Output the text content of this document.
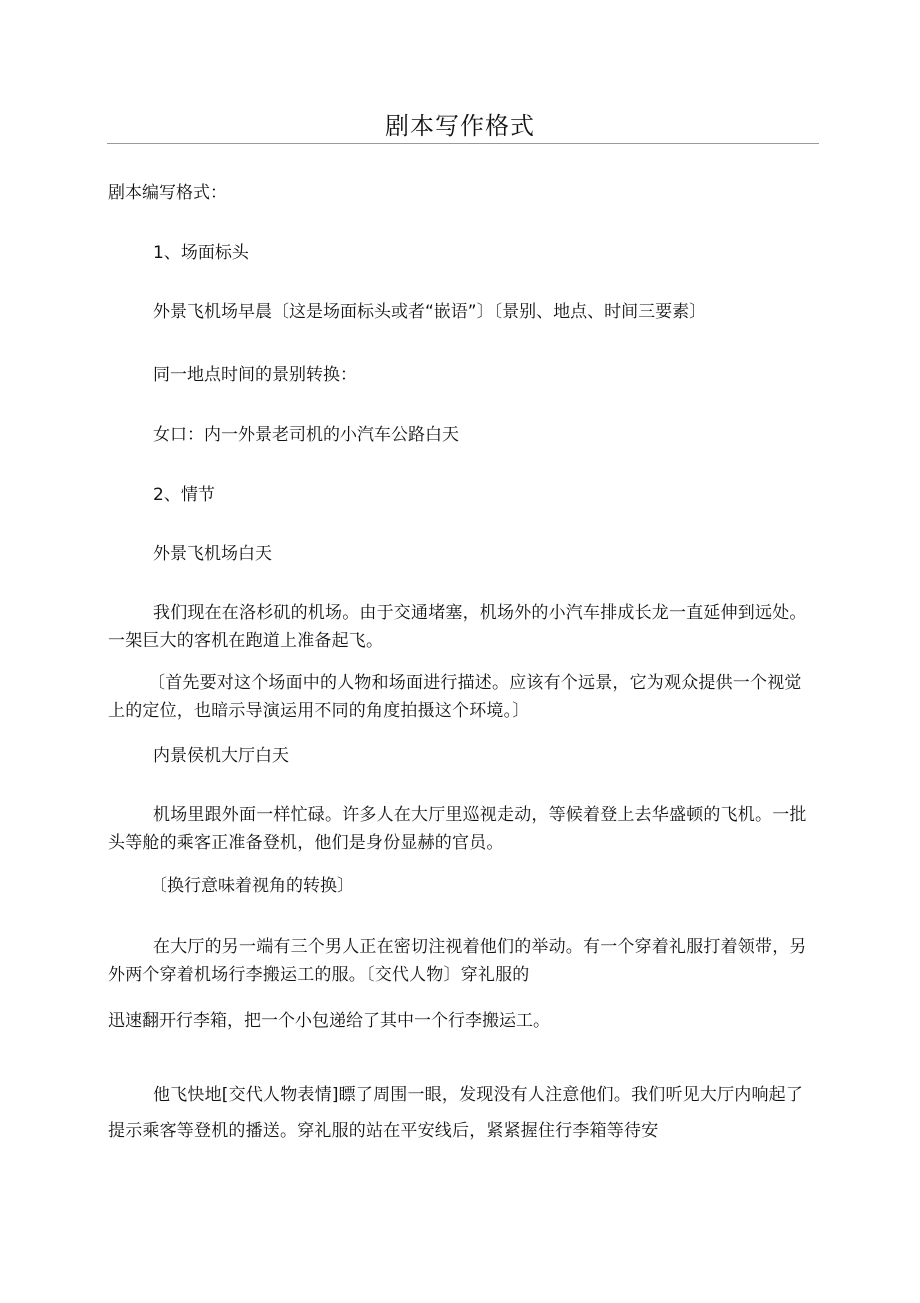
剧本写作格式

剧本编写格式：

1、场面标头

外景飞机场早晨〔这是场面标头或者“嵌语”〕〔景别、地点、时间三要素〕

同一地点时间的景别转换：

女口：内一外景老司机的小汽车公路白天

2、情节

外景飞机场白天

我们现在在洛杉矶的机场。由于交通堵塞，机场外的小汽车排成长龙一直延伸到远处。一架巨大的客机在跑道上准备起飞。

〔首先要对这个场面中的人物和场面进行描述。应该有个远景，它为观众提供一个视觉上的定位，也暗示导演运用不同的角度拍摄这个环境。〕

内景侯机大厅白天

机场里跟外面一样忙碌。许多人在大厅里巡视走动，等候着登上去华盛顿的飞机。一批头等舱的乘客正准备登机，他们是身份显赫的官员。

〔换行意味着视角的转换〕

在大厅的另一端有三个男人正在密切注视着他们的举动。有一个穿着礼服打着领带，另外两个穿着机场行李搬运工的服。〔交代人物〕穿礼服的

迅速翻开行李箱，把一个小包递给了其中一个行李搬运工。

他飞快地[交代人物表情]瞟了周围一眼，发现没有人注意他们。我们听见大厅内响起了提示乘客等登机的播送。穿礼服的站在平安线后，紧紧握住行李箱等待安
